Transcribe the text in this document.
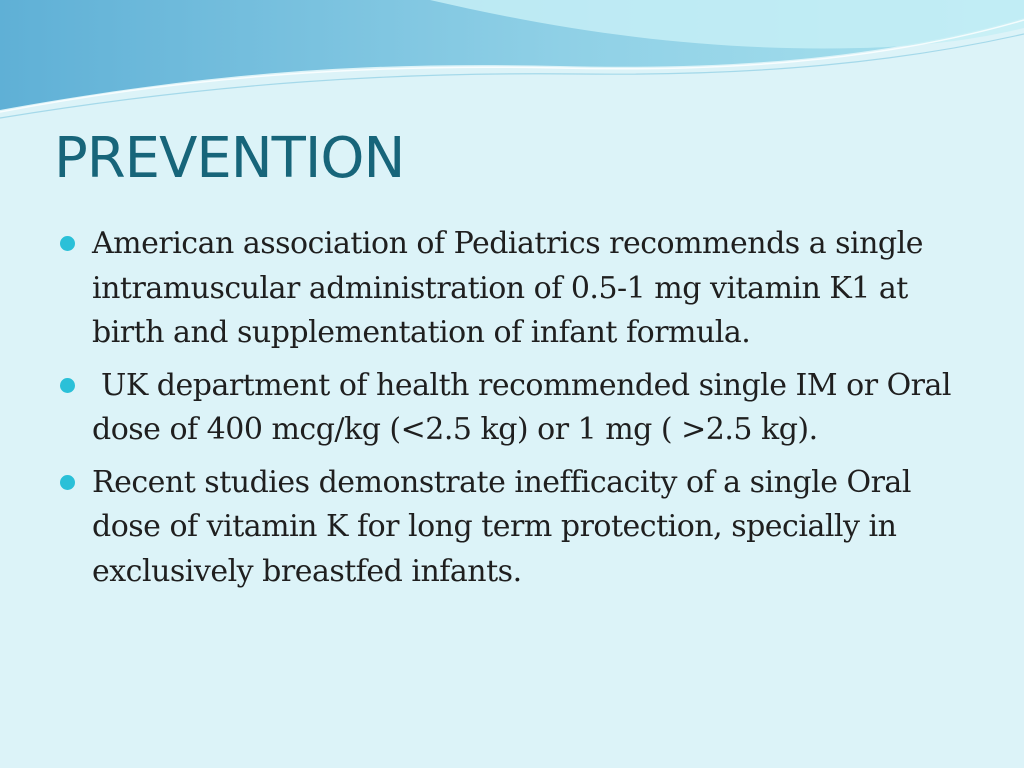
PREVENTION
American association of Pediatrics recommends a single intramuscular administration of 0.5-1 mg vitamin K1 at birth and supplementation of infant formula.
UK department of health recommended single IM or Oral dose of 400 mcg/kg (<2.5 kg) or 1 mg ( >2.5 kg).
Recent studies demonstrate inefficacity of a single Oral dose of vitamin K for long term protection, specially in exclusively breastfed infants.
